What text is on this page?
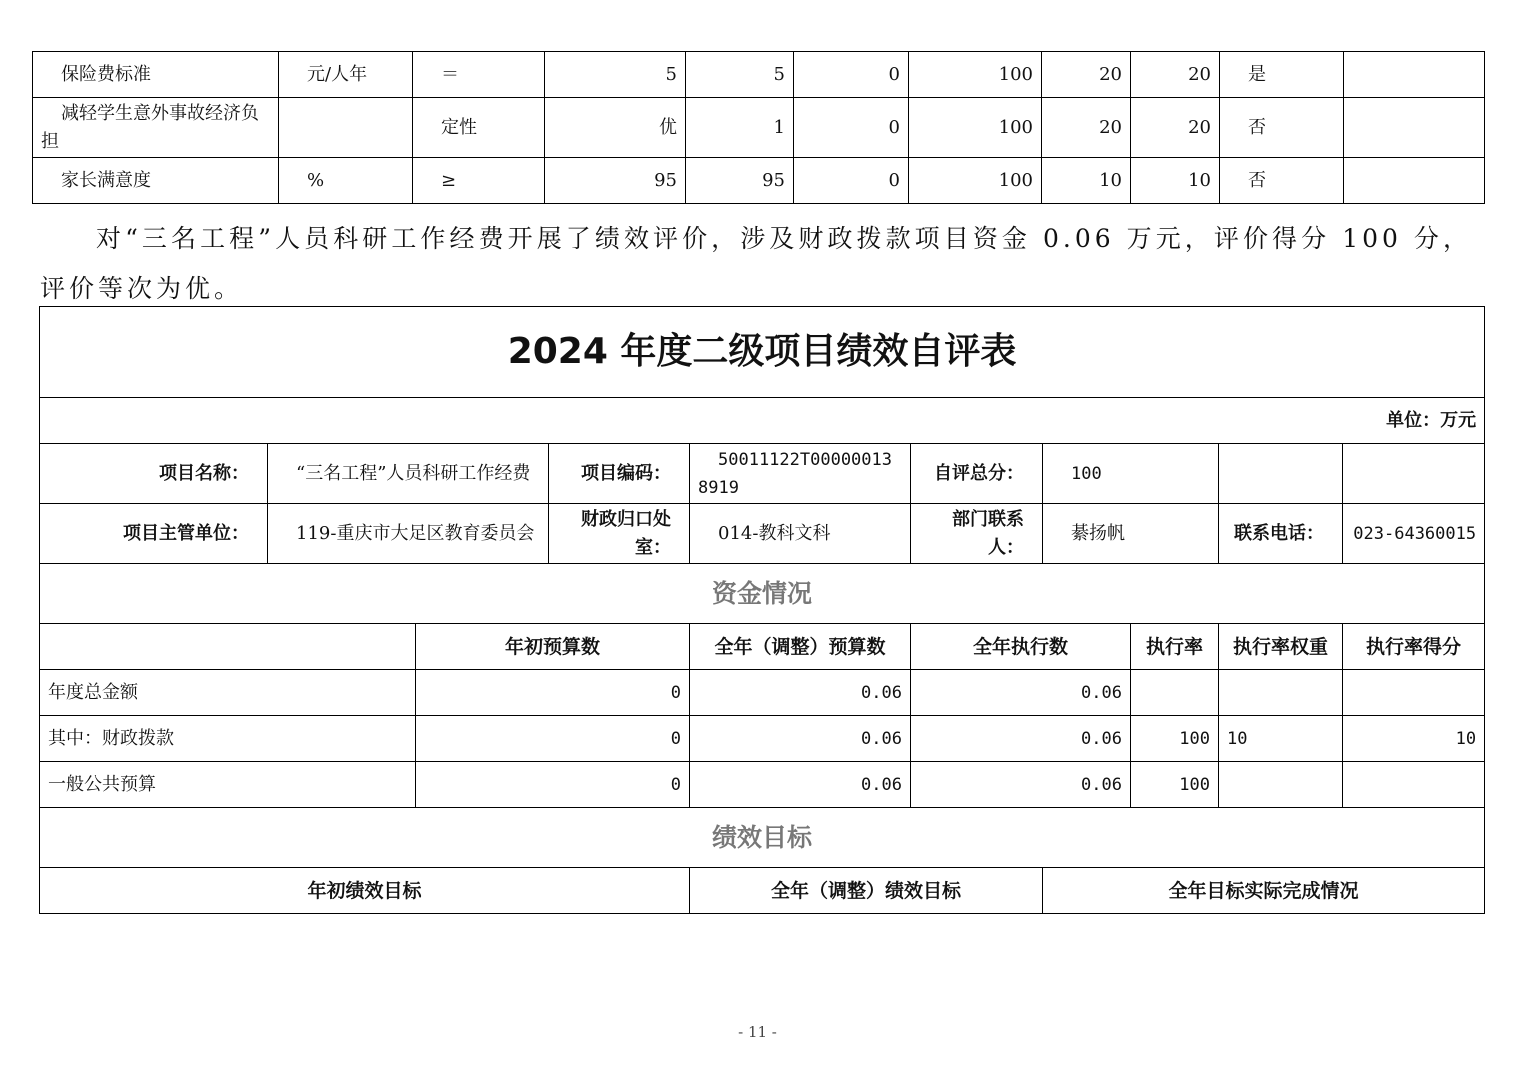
保险费标准	元/人年	＝	5	5	0	100	20	20	是	
减轻学生意外事故经济负担		定性	优	1	0	100	20	20	否	
家长满意度	%	≥	95	95	0	100	10	10	否	
对“三名工程”人员科研工作经费开展了绩效评价，涉及财政拨款项目资金 0.06 万元，评价得分 100 分，评价等次为优。
2024 年度二级项目绩效自评表									
单位：万元									
项目名称：	“三名工程”人员科研工作经费		项目编码：	50011122T000000138919	自评总分：	100			
项目主管单位：	119-重庆市大足区教育委员会		财政归口处室：	014-教科文科	部门联系人：	綦扬帆		联系电话：	023-64360015
资金情况									
		年初预算数		全年（调整）预算数	全年执行数		执行率	执行率权重	执行率得分
年度总金额		0		0.06	0.06				
其中：财政拨款		0		0.06	0.06		100	10	10
一般公共预算		0		0.06	0.06		100		
绩效目标									
年初绩效目标				全年（调整）绩效目标		全年目标实际完成情况			
- 11 -
